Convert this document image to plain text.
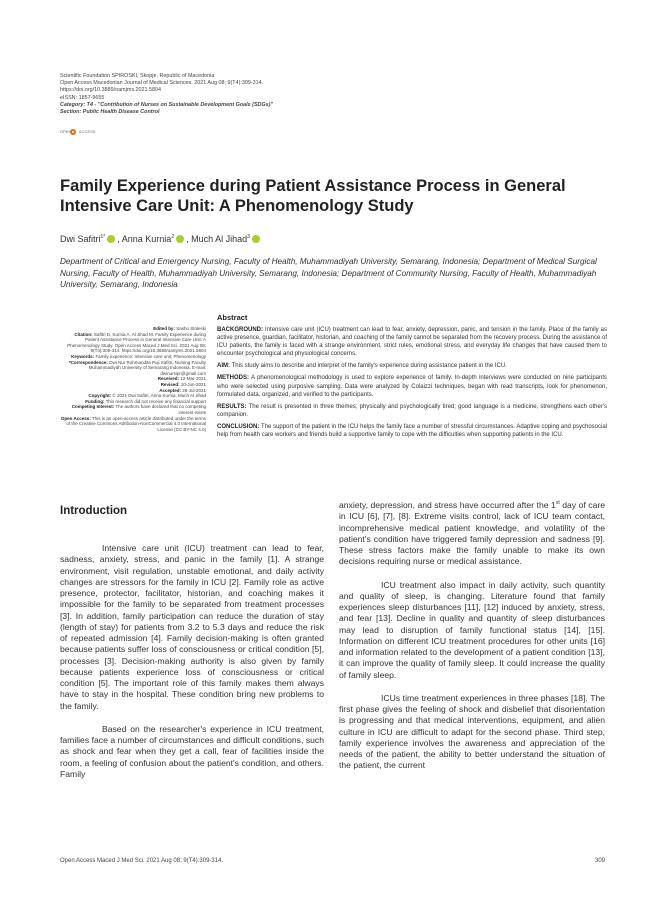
Scientific Foundation SPIROSKI, Skopje, Republic of Macedonia
Open Access Macedonian Journal of Medical Sciences. 2021 Aug 08; 9(T4):309-314.
https://doi.org/10.3889/oamjms.2021.5804
eISSN: 1857-9655
Category: T4 - "Contribution of Nurses on Sustainable Development Goals (SDGs)"
Section: Public Health Disease Control
OPEN ACCESS
Family Experience during Patient Assistance Process in General Intensive Care Unit: A Phenomenology Study
Dwi Safitri$^{1*}$ , Anna Kurnia$^2$ , Much Al Jihad$^3$
Department of Critical and Emergency Nursing, Faculty of Health, Muhammadiyah University, Semarang, Indonesia; Department of Medical Surgical Nursing, Faculty of Health, Muhammadiyah University, Semarang, Indonesia; Department of Community Nursing, Faculty of Health, Muhammadiyah University, Semarang, Indonesia
Edited by: Sasho Stoleski
Citation: Safitri D, Kurnia A, Al Jihad M. Family Experience during Patient Assistance Process in General Intensive Care Unit: A Phenomenology Study. Open Access Maced J Med Sci. 2021 Aug 08; 9(T4):309-314. https://doi.org/10.3889/oamjms.2021.5804
Keywords: Family experience; Intensive care unit; Phenomenology
*Correspondence: Dwi Nur Rohmandita Puji Safitri, Nursing Faculty Muhammadiyah University of Semarang Indonesia. E-mail: dwinursipr@gmail.com
Received: 12-Mar-2021
Revised: 10-Jun-2021
Accepted: 26-Jul-2021
Copyright: © 2021 Dwi Safitri, Anna Kurnia, Much Al Jihad
Funding: This research did not receive any financial support
Competing Interest: The authors have declared that no competing interest exists
Open Access: This is an open-access article distributed under the terms of the Creative Commons Attribution-NonCommercial 4.0 International License (CC BY-NC 4.0)
Abstract

BACKGROUND: Intensive care unit (ICU) treatment can lead to fear, anxiety, depression, panic, and tension in the family. Place of the family as active presence, guardian, facilitator, historian, and coaching of the family cannot be separated from the recovery process. During the assistance of ICU patients, the family is faced with a strange environment, strict rules, emotional stress, and everyday life changes that have caused them to encounter psychological and physiological concerns.

AIM: This study aims to describe and interpret of the family's experience during assistance patient in the ICU.

METHODS: A phenomenological methodology is used to explore experience of family. In-depth interviews were conducted on nine participants who were selected using purposive sampling. Data were analyzed by Colaizzi techniques, began with read transcripts, look for phenomenon, formulated data, organized, and verified to the participants.

RESULTS: The result is presented in three themes; physically and psychologically tired; good language is a medicine, strengthens each other's companion.

CONCLUSION: The support of the patient in the ICU helps the family face a number of stressful circumstances. Adaptive coping and psychosocial help from health care workers and friends build a supportive family to cope with the difficulties when supporting patients in the ICU.

Introduction

Intensive care unit (ICU) treatment can lead to fear, sadness, anxiety, stress, and panic in the family [1]. A strange environment, visit regulation, unstable emotional, and daily activity changes are stressors for the family in ICU [2]. Family role as active presence, protector, facilitator, historian, and coaching makes it impossible for the family to be separated from treatment processes [3]. In addition, family participation can reduce the duration of stay (length of stay) for patients from 3.2 to 5.3 days and reduce the risk of repeated admission [4]. Family decision-making is often granted because patients suffer loss of consciousness or critical condition [5], processes [3]. Decision-making authority is also given by family because patients experience loss of consciousness or critical condition [5]. The important role of this family makes them always have to stay in the hospital. These condition bring new problems to the family.

Based on the researcher's experience in ICU treatment, families face a number of circumstances and difficult conditions, such as shock and fear when they get a call, fear of facilities inside the room, a feeling of confusion about the patient's condition, and others. Family

anxiety, depression, and stress have occurred after the 1st day of care in ICU [6], [7], [8]. Extreme visits control, lack of ICU team contact, incomprehensive medical patient knowledge, and volatility of the patient's condition have triggered family depression and sadness [9]. These stress factors make the family unable to make its own decisions requiring nurse or medical assistance.

ICU treatment also impact in daily activity, such quantity and quality of sleep, is changing. Literature found that family experiences sleep disturbances [11], [12] induced by anxiety, stress, and fear [13]. Decline in quality and quantity of sleep disturbances may lead to disruption of family functional status [14], [15]. Information on different ICU treatment procedures for other units [16] and information related to the development of a patient condition [13], it can improve the quality of family sleep. It could increase the quality of family sleep.

ICUs time treatment experiences in three phases [18]. The first phase gives the feeling of shock and disbelief that disorientation is progressing and that medical interventions, equipment, and alien culture in ICU are difficult to adapt for the second phase. Third step, family experience involves the awareness and appreciation of the needs of the patient, the ability to better understand the situation of the patient, the current

Open Access Maced J Med Sci. 2021 Aug 08; 9(T4):309-314.	309
